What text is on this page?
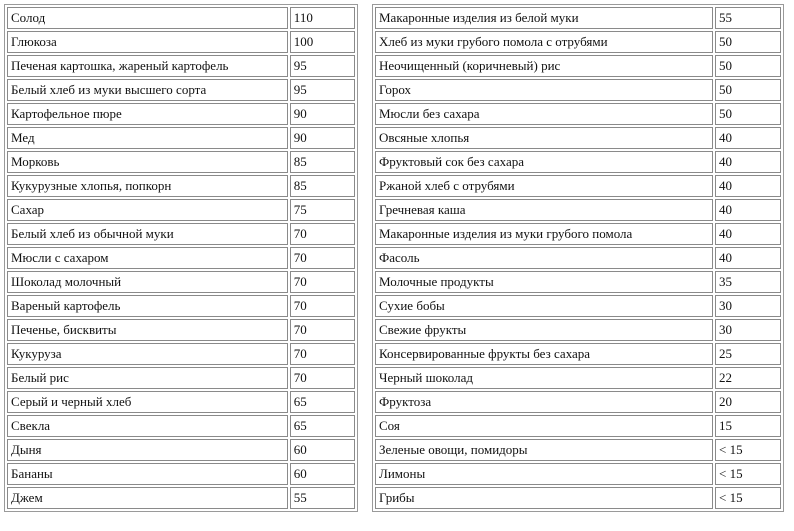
Солод	110
Глюкоза	100
Печеная картошка, жареный картофель	95
Белый хлеб из муки высшего сорта	95
Картофельное пюре	90
Мед	90
Морковь	85
Кукурузные хлопья, попкорн	85
Сахар	75
Белый хлеб из обычной муки	70
Мюсли с сахаром	70
Шоколад молочный	70
Вареный картофель	70
Печенье, бисквиты	70
Кукуруза	70
Белый рис	70
Серый и черный хлеб	65
Свекла	65
Дыня	60
Бананы	60
Джем	55
Макаронные изделия из белой муки	55
Хлеб из муки грубого помола с отрубями	50
Неочищенный (коричневый) рис	50
Горох	50
Мюсли без сахара	50
Овсяные хлопья	40
Фруктовый сок без сахара	40
Ржаной хлеб с отрубями	40
Гречневая каша	40
Макаронные изделия из муки грубого помола	40
Фасоль	40
Молочные продукты	35
Сухие бобы	30
Свежие фрукты	30
Консервированные фрукты без сахара	25
Черный шоколад	22
Фруктоза	20
Соя	15
Зеленые овощи, помидоры	< 15
Лимоны	< 15
Грибы	< 15
